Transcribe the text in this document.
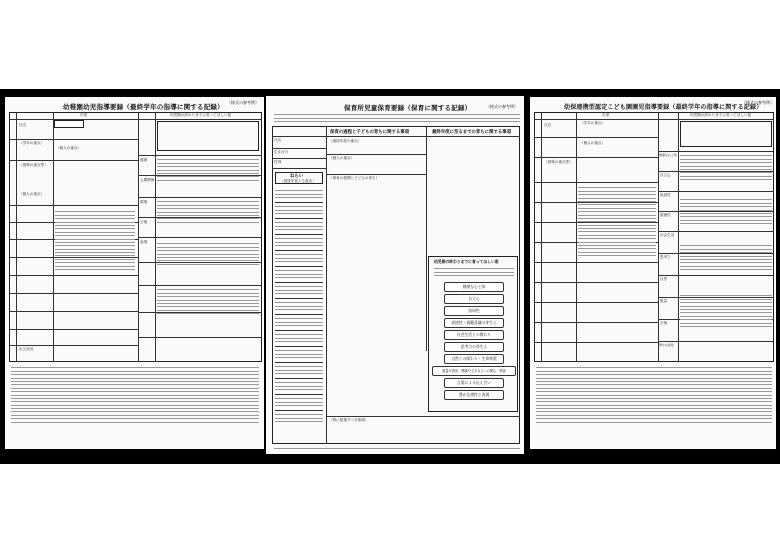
幼稚園幼児指導要録（最終学年の指導に関する記録）
（様式の参考例）
氏名
年度
（指導の重点等）
（学年の重点）
（個人の重点）
（個人の重点）
出欠状況
幼児期の終わりまでに育ってほしい姿
健康
人間関係
環境
言葉
表現
保育所児童保育要録（保育に関する記録）	（様式の参考例）
保育の過程と子どもの育ちに関する事項	最終年度に至るまでの育ちに関する事項
氏名
生年月日
性別
ねらい
（発達を捉える視点）
（最終年度の重点）
（個人の重点）
（保育の展開と子どもの育ち）
（特に配慮すべき事項）
幼児期の終わりまでに育ってほしい姿
健康な心と体
自立心
協同性
道徳性・規範意識の芽生え
社会生活との関わり
思考力の芽生え
自然との関わり・生命尊重
数量や図形、標識や文字などへの関心・感覚
言葉による伝え合い
豊かな感性と表現
幼保連携型認定こども園園児指導要録（最終学年の指導に関する記録）
（様式の参考例）
氏名
年度
（指導の重点等）
（学年の重点）
（個人の重点）
幼児期の終わりまでに育ってほしい姿
健康な心と体
自立心
協同性
道徳性
社会生活
思考力
自然
数量
言葉
豊かな感性
